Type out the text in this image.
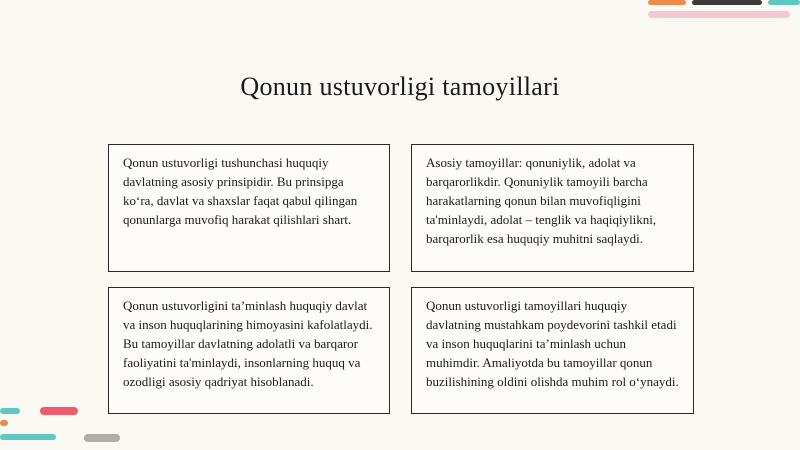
Qonun ustuvorligi tamoyillari

Qonun ustuvorligi tushunchasi huquqiy davlatning asosiy prinsipidir. Bu prinsipga ko‘ra, davlat va shaxslar faqat qabul qilingan qonunlarga muvofiq harakat qilishlari shart.

Asosiy tamoyillar: qonuniylik, adolat va barqarorlikdir. Qonuniylik tamoyili barcha harakatlarning qonun bilan muvofiqligini ta'minlaydi, adolat – tenglik va haqiqiylikni, barqarorlik esa huquqiy muhitni saqlaydi.

Qonun ustuvorligini ta’minlash huquqiy davlat va inson huquqlarining himoyasini kafolatlaydi. Bu tamoyillar davlatning adolatli va barqaror faoliyatini ta'minlaydi, insonlarning huquq va ozodligi asosiy qadriyat hisoblanadi.

Qonun ustuvorligi tamoyillari huquqiy davlatning mustahkam poydevorini tashkil etadi va inson huquqlarini ta’minlash uchun muhimdir. Amaliyotda bu tamoyillar qonun buzilishining oldini olishda muhim rol o‘ynaydi.
